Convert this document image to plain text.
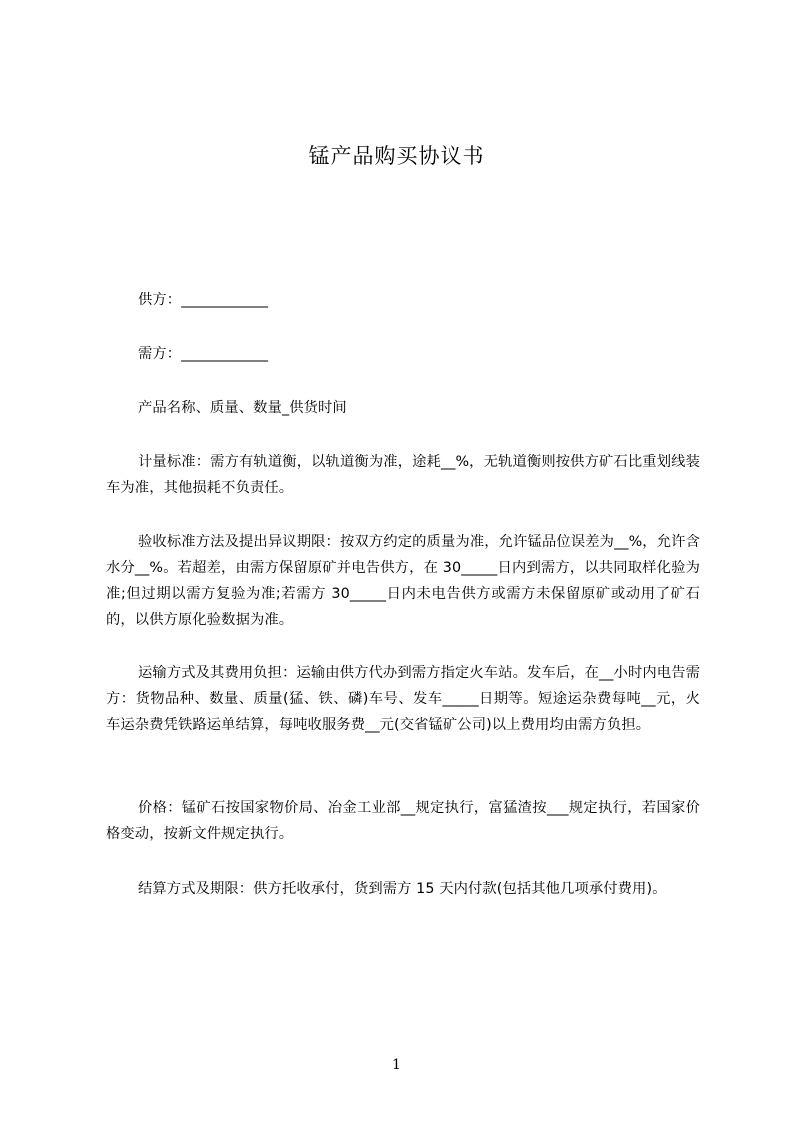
锰产品购买协议书
供方：____________
需方：____________
产品名称、质量、数量_供货时间
计量标准：需方有轨道衡，以轨道衡为准，途耗__%，无轨道衡则按供方矿石比重划线装车为准，其他损耗不负责任。
验收标准方法及提出异议期限：按双方约定的质量为准，允许锰品位误差为__%，允许含水分__%。若超差，由需方保留原矿并电告供方，在 30_____日内到需方，以共同取样化验为准;但过期以需方复验为准;若需方 30_____日内未电告供方或需方未保留原矿或动用了矿石的，以供方原化验数据为准。
运输方式及其费用负担：运输由供方代办到需方指定火车站。发车后，在__小时内电告需方：货物品种、数量、质量(猛、铁、磷)车号、发车_____日期等。短途运杂费每吨__元，火车运杂费凭铁路运单结算，每吨收服务费__元(交省锰矿公司)以上费用均由需方负担。
价格：锰矿石按国家物价局、冶金工业部__规定执行，富猛渣按___规定执行，若国家价格变动，按新文件规定执行。
结算方式及期限：供方托收承付，货到需方 15 天内付款(包括其他几项承付费用)。
1
